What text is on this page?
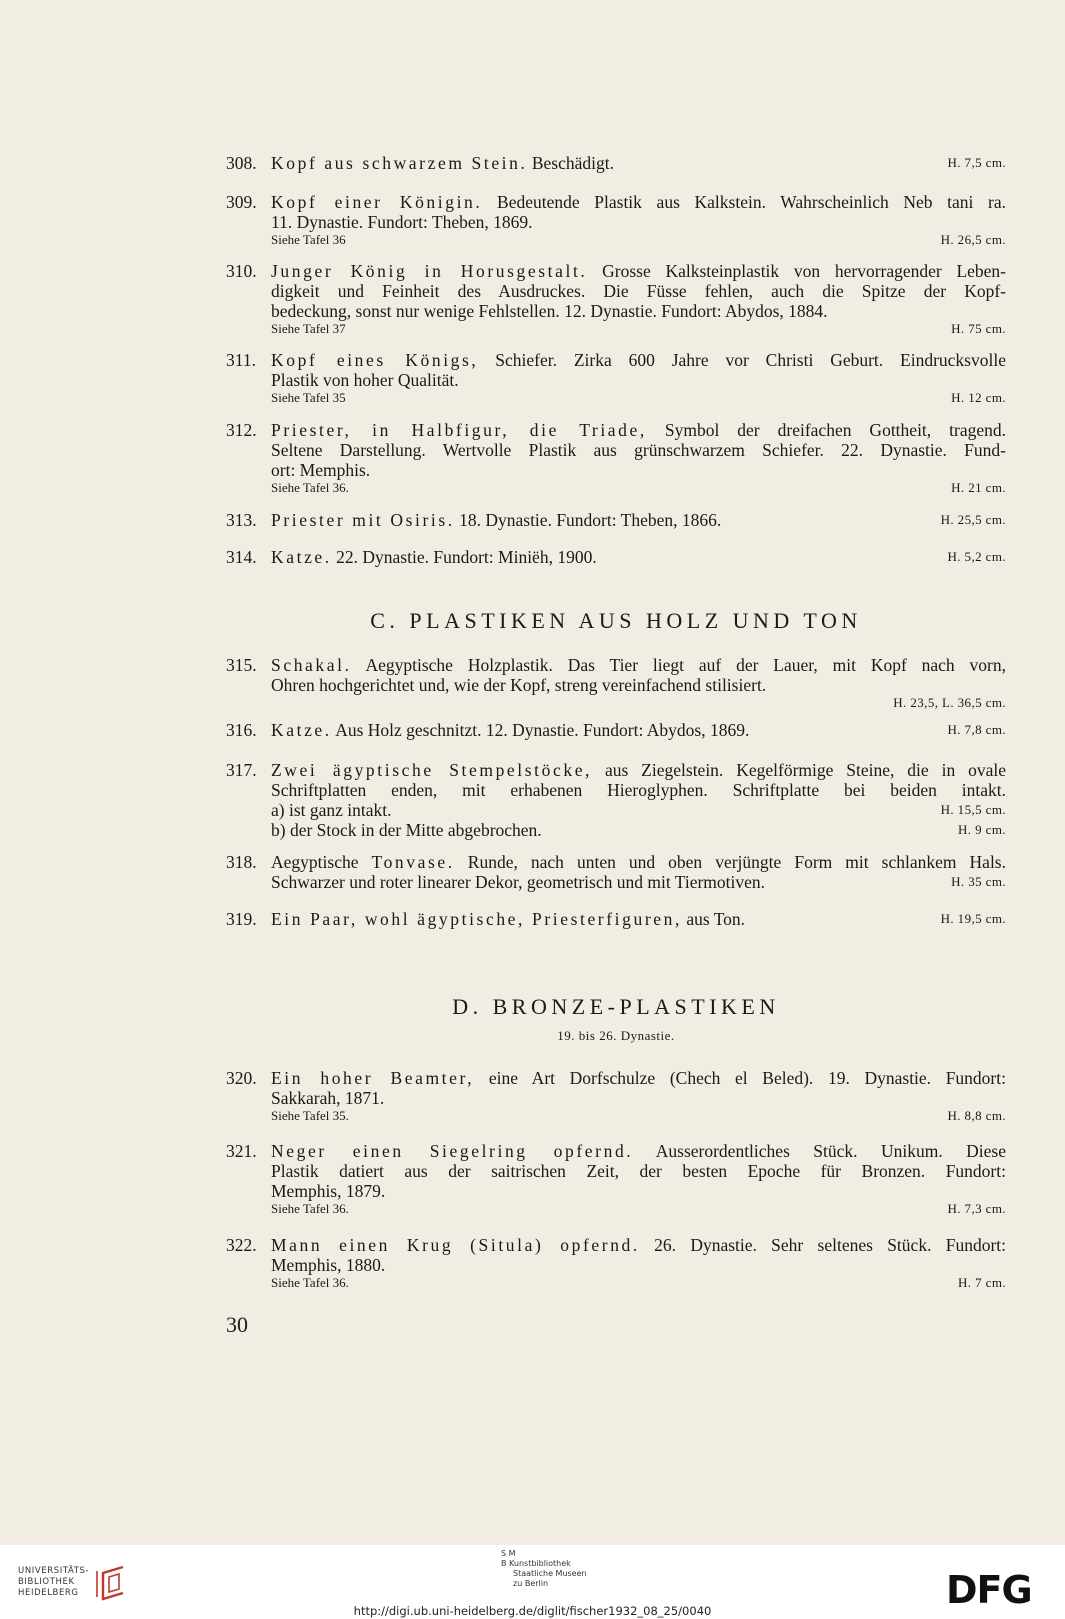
308. Kopf aus schwarzem Stein. Beschädigt.	H. 7,5 cm.
309. Kopf einer Königin. Bedeutende Plastik aus Kalkstein. Wahrscheinlich Neb tani ra.
11. Dynastie. Fundort: Theben, 1869.
Siehe Tafel 36	H. 26,5 cm.
310. Junger König in Horusgestalt. Grosse Kalksteinplastik von hervorragender Leben-
digkeit und Feinheit des Ausdruckes. Die Füsse fehlen, auch die Spitze der Kopf-
bedeckung, sonst nur wenige Fehlstellen. 12. Dynastie. Fundort: Abydos, 1884.
Siehe Tafel 37	H. 75 cm.
311. Kopf eines Königs, Schiefer. Zirka 600 Jahre vor Christi Geburt. Eindrucksvolle
Plastik von hoher Qualität.
Siehe Tafel 35	H. 12 cm.
312. Priester, in Halbfigur, die Triade, Symbol der dreifachen Gottheit, tragend.
Seltene Darstellung. Wertvolle Plastik aus grünschwarzem Schiefer. 22. Dynastie. Fund-
ort: Memphis.
Siehe Tafel 36.	H. 21 cm.
313. Priester mit Osiris. 18. Dynastie. Fundort: Theben, 1866.	H. 25,5 cm.
314. Katze. 22. Dynastie. Fundort: Miniëh, 1900.	H. 5,2 cm.
C. PLASTIKEN AUS HOLZ UND TON
315. Schakal. Aegyptische Holzplastik. Das Tier liegt auf der Lauer, mit Kopf nach vorn,
Ohren hochgerichtet und, wie der Kopf, streng vereinfachend stilisiert.
H. 23,5, L. 36,5 cm.
316. Katze. Aus Holz geschnitzt. 12. Dynastie. Fundort: Abydos, 1869.	H. 7,8 cm.
317. Zwei ägyptische Stempelstöcke, aus Ziegelstein. Kegelförmige Steine, die in ovale
Schriftplatten enden, mit erhabenen Hieroglyphen. Schriftplatte bei beiden intakt.
a) ist ganz intakt.	H. 15,5 cm.
b) der Stock in der Mitte abgebrochen.	H. 9 cm.
318. Aegyptische Tonvase. Runde, nach unten und oben verjüngte Form mit schlankem Hals.
Schwarzer und roter linearer Dekor, geometrisch und mit Tiermotiven.	H. 35 cm.
319. Ein Paar, wohl ägyptische, Priesterfiguren, aus Ton.	H. 19,5 cm.
D. BRONZE-PLASTIKEN
19. bis 26. Dynastie.
320. Ein hoher Beamter, eine Art Dorfschulze (Chech el Beled). 19. Dynastie. Fundort:
Sakkarah, 1871.
Siehe Tafel 35.	H. 8,8 cm.
321. Neger einen Siegelring opfernd. Ausserordentliches Stück. Unikum. Diese
Plastik datiert aus der saitrischen Zeit, der besten Epoche für Bronzen. Fundort:
Memphis, 1879.
Siehe Tafel 36.	H. 7,3 cm.
322. Mann einen Krug (Situla) opfernd. 26. Dynastie. Sehr seltenes Stück. Fundort:
Memphis, 1880.
Siehe Tafel 36.	H. 7 cm.
30
UNIVERSITÄTS-
BIBLIOTHEK
HEIDELBERG
S M
B Kunstbibliothek
Staatliche Museen
zu Berlin	DFG
http://digi.ub.uni-heidelberg.de/diglit/fischer1932_08_25/0040
